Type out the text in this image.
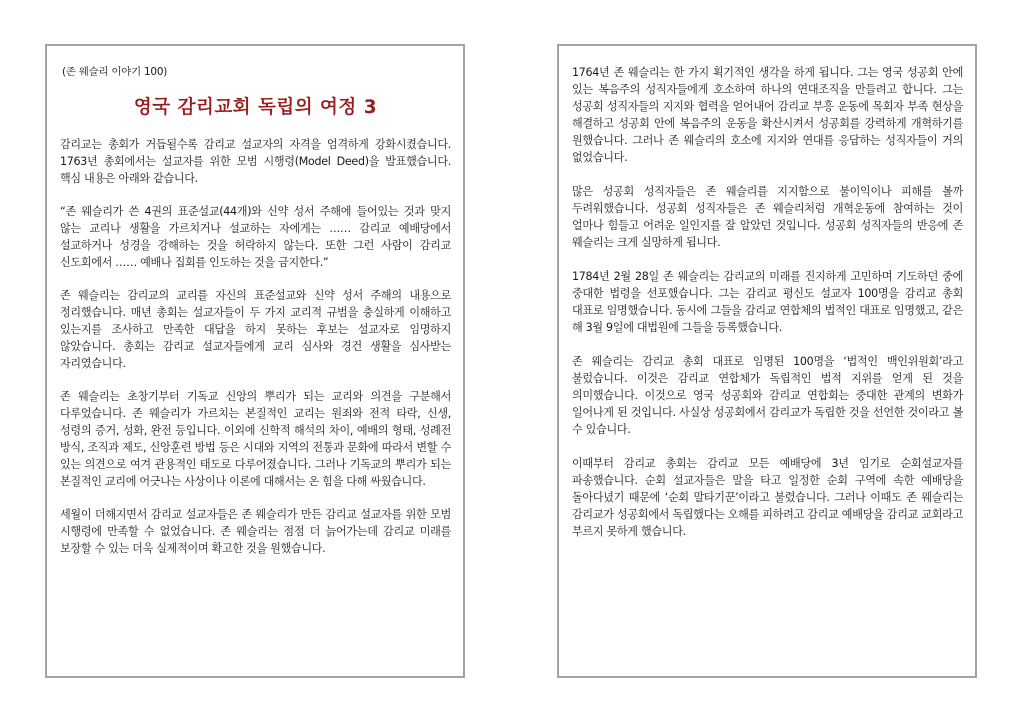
(존 웨슬리 이야기 100)
영국 감리교회 독립의 여정 3

감리교는 총회가 거듭될수록 감리교 설교자의 자격을 엄격하게 강화시켰습니다. 1763년 총회에서는 설교자를 위한 모범 시행령(Model Deed)을 발표했습니다. 핵심 내용은 아래와 같습니다.

“존 웨슬리가 쓴 4권의 표준설교(44개)와 신약 성서 주해에 들어있는 것과 맞지 않는 교리나 생활을 가르치거나 설교하는 자에게는 …… 감리교 예배당에서 설교하거나 성경을 강해하는 것을 허락하지 않는다. 또한 그런 사람이 감리교 신도회에서 …… 예배나 집회를 인도하는 것을 금지한다.”

존 웨슬리는 감리교의 교리를 자신의 표준설교와 신약 성서 주해의 내용으로 정리했습니다. 매년 총회는 설교자들이 두 가지 교리적 규범을 충실하게 이해하고 있는지를 조사하고 만족한 대답을 하지 못하는 후보는 설교자로 임명하지 않았습니다. 총회는 감리교 설교자들에게 교리 심사와 경건 생활을 심사받는 자리였습니다.

존 웨슬리는 초창기부터 기독교 신앙의 뿌리가 되는 교리와 의견을 구분해서 다루었습니다. 존 웨슬리가 가르치는 본질적인 교리는 원죄와 전적 타락, 신생, 성령의 증거, 성화, 완전 등입니다. 이외에 신학적 해석의 차이, 예배의 형태, 성례전 방식, 조직과 제도, 신앙훈련 방법 등은 시대와 지역의 전통과 문화에 따라서 변할 수 있는 의견으로 여겨 관용적인 태도로 다루어졌습니다. 그러나 기독교의 뿌리가 되는 본질적인 교리에 어긋나는 사상이나 이론에 대해서는 온 힘을 다해 싸웠습니다.

세월이 더해지면서 감리교 설교자들은 존 웨슬리가 만든 감리교 설교자를 위한 모범 시행령에 만족할 수 없었습니다. 존 웨슬리는 점점 더 늙어가는데 감리교 미래를 보장할 수 있는 더욱 실제적이며 확고한 것을 원했습니다.

1764년 존 웨슬리는 한 가지 획기적인 생각을 하게 됩니다. 그는 영국 성공회 안에 있는 복음주의 성직자들에게 호소하여 하나의 연대조직을 만들려고 합니다. 그는 성공회 성직자들의 지지와 협력을 얻어내어 감리교 부흥 운동에 목회자 부족 현상을 해결하고 성공회 안에 복음주의 운동을 확산시켜서 성공회를 강력하게 개혁하기를 원했습니다. 그러나 존 웨슬리의 호소에 지지와 연대를 응답하는 성직자들이 거의 없었습니다.

많은 성공회 성직자들은 존 웨슬리를 지지함으로 불이익이나 피해를 볼까 두려워했습니다. 성공회 성직자들은 존 웨슬리처럼 개혁운동에 참여하는 것이 얼마나 힘들고 어려운 일인지를 잘 알았던 것입니다. 성공회 성직자들의 반응에 존 웨슬리는 크게 실망하게 됩니다.

1784년 2월 28일 존 웨슬리는 감리교의 미래를 진지하게 고민하며 기도하던 중에 중대한 법령을 선포했습니다. 그는 감리교 평신도 설교자 100명을 감리교 총회 대표로 임명했습니다. 동시에 그들을 감리교 연합체의 법적인 대표로 임명했고, 같은 해 3월 9일에 대법원에 그들을 등록했습니다.

존 웨슬리는 감리교 총회 대표로 임명된 100명을 ‘법적인 백인위원회’라고 불렀습니다. 이것은 감리교 연합체가 독립적인 법적 지위를 얻게 된 것을 의미했습니다. 이것으로 영국 성공회와 감리교 연합회는 중대한 관계의 변화가 일어나게 된 것입니다. 사실상 성공회에서 감리교가 독립한 것을 선언한 것이라고 볼 수 있습니다.

이때부터 감리교 총회는 감리교 모든 예배당에 3년 임기로 순회설교자를 파송했습니다. 순회 설교자들은 말을 타고 일정한 순회 구역에 속한 예배당을 돌아다녔기 때문에 ‘순회 말타기꾼’이라고 불렸습니다. 그러나 이때도 존 웨슬리는 감리교가 성공회에서 독립했다는 오해를 피하려고 감리교 예배당을 감리교 교회라고 부르지 못하게 했습니다.
